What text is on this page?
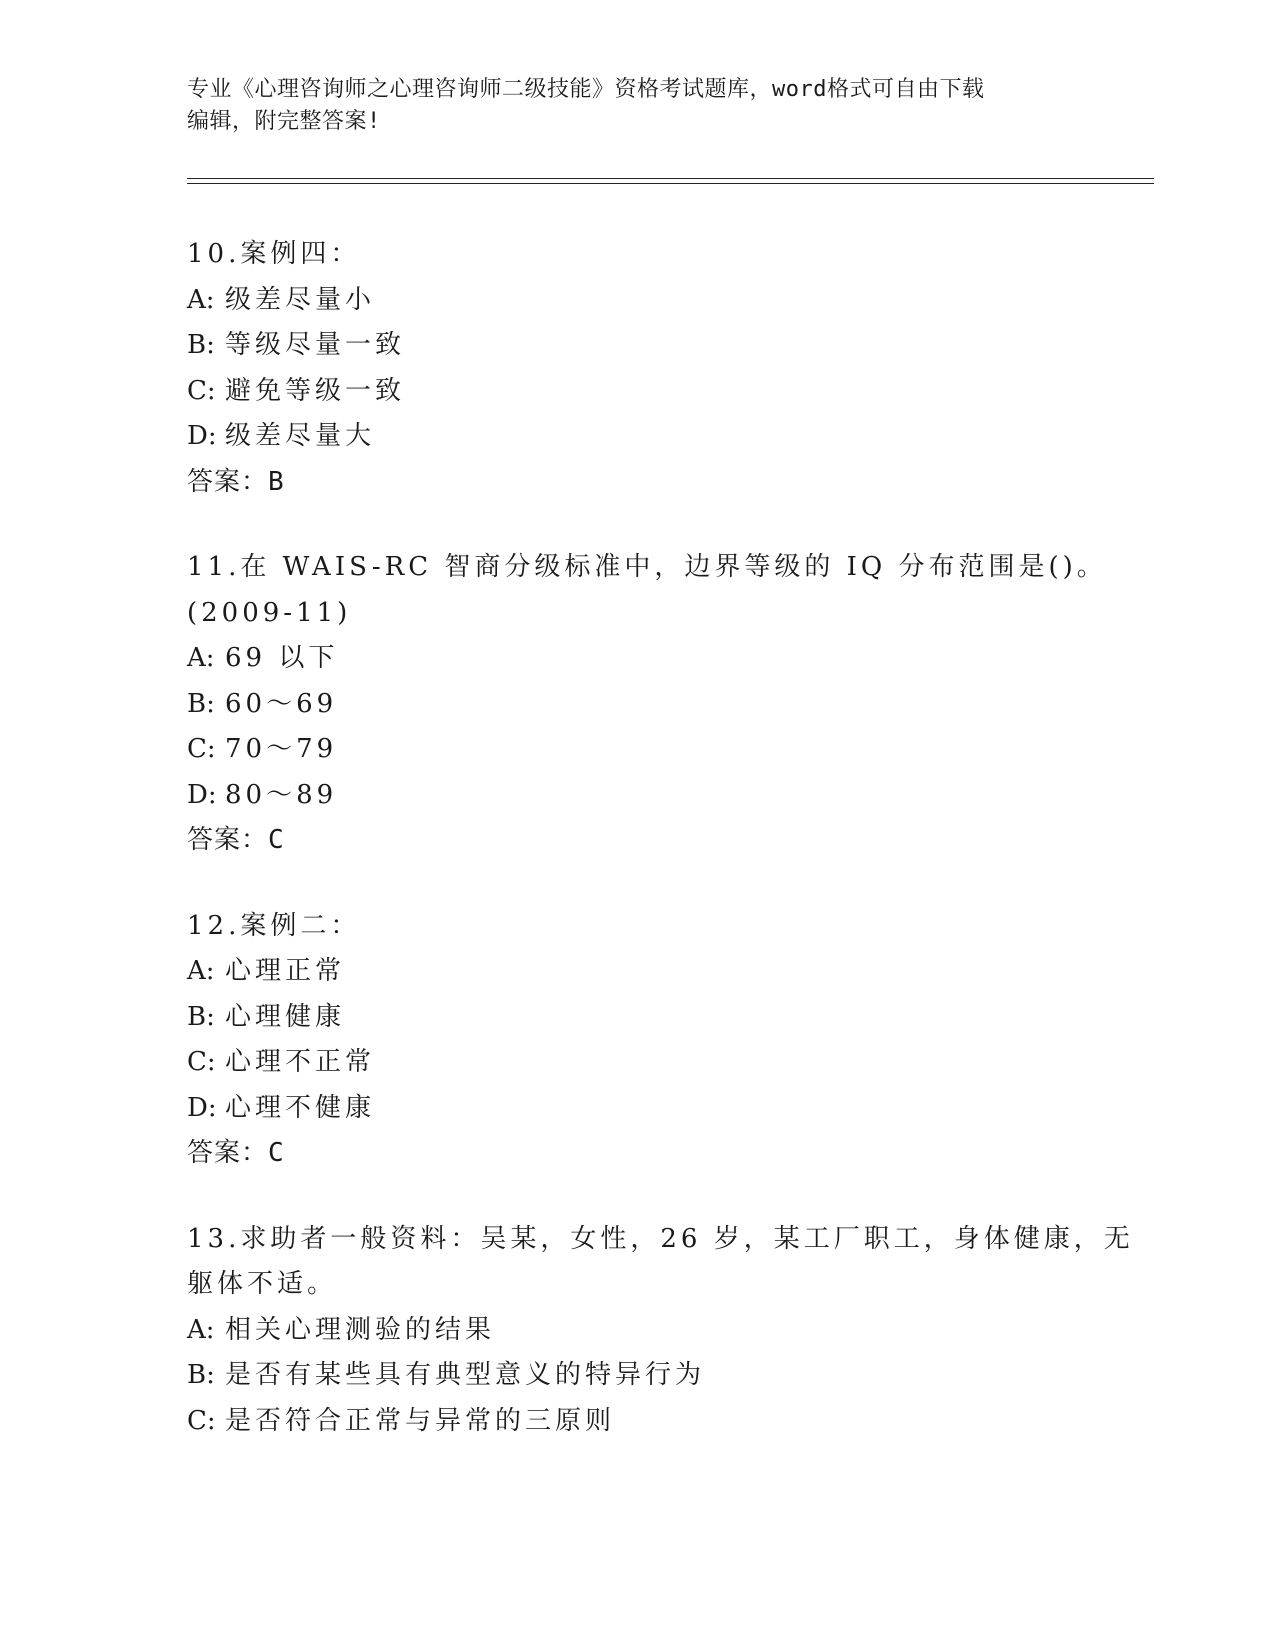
专业《心理咨询师之心理咨询师二级技能》资格考试题库，word格式可自由下载
编辑，附完整答案!
10.案例四：
A: 级差尽量小
B: 等级尽量一致
C: 避免等级一致
D: 级差尽量大
答案：B
11.在 WAIS-RC 智商分级标准中，边界等级的 IQ 分布范围是()。
(2009-11)
A: 69 以下
B: 60～69
C: 70～79
D: 80～89
答案：C
12.案例二：
A: 心理正常
B: 心理健康
C: 心理不正常
D: 心理不健康
答案：C
13.求助者一般资料：吴某，女性，26 岁，某工厂职工，身体健康，无
躯体不适。
A: 相关心理测验的结果
B: 是否有某些具有典型意义的特异行为
C: 是否符合正常与异常的三原则
